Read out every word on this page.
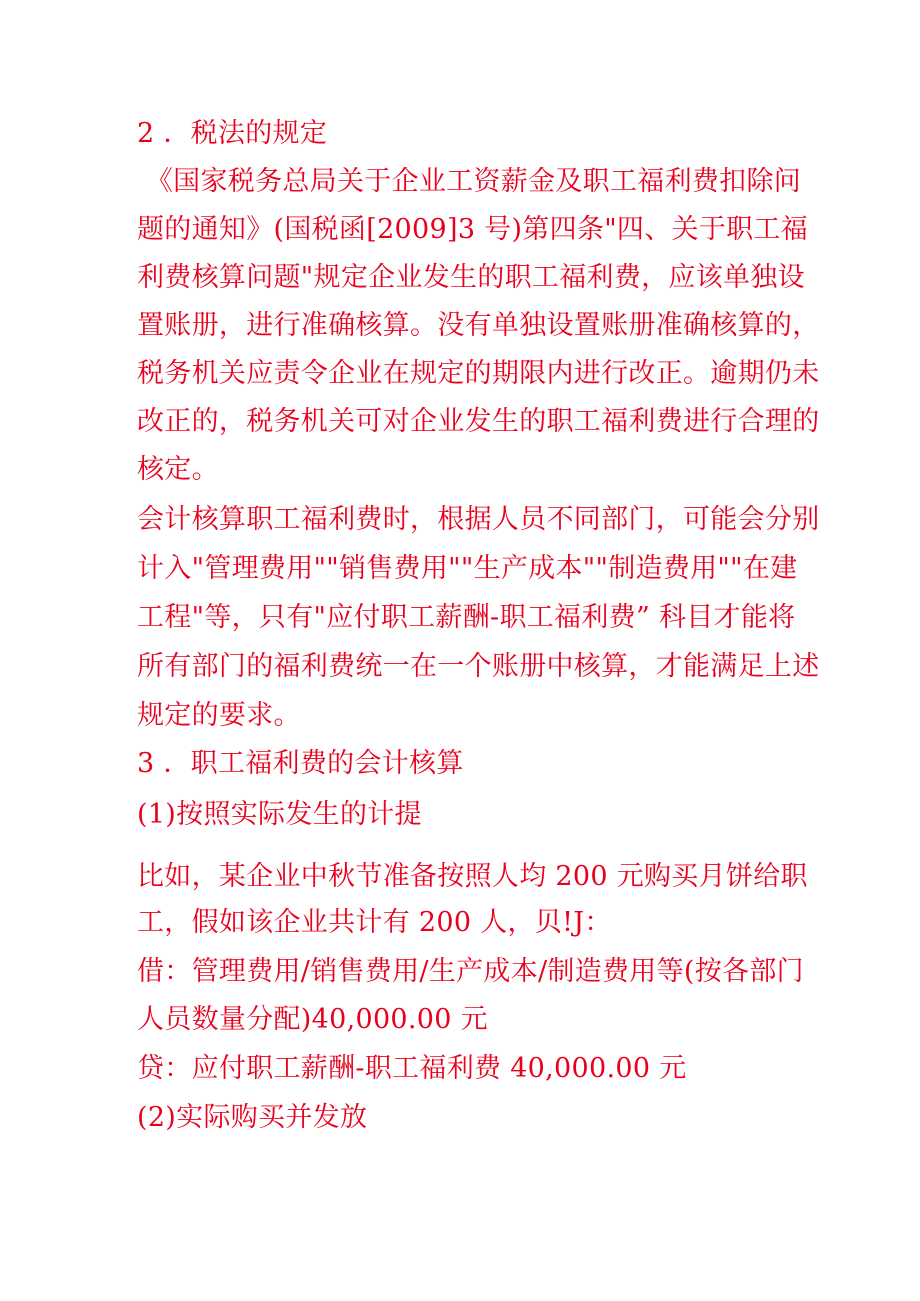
2 ．税法的规定
《国家税务总局关于企业工资薪金及职工福利费扣除问
题的通知》(国税函[2009]3 号)第四条"四、关于职工福
利费核算问题"规定企业发生的职工福利费，应该单独设
置账册，进行准确核算。没有单独设置账册准确核算的，
税务机关应责令企业在规定的期限内进行改正。逾期仍未
改正的，税务机关可对企业发生的职工福利费进行合理的
核定。
会计核算职工福利费时，根据人员不同部门，可能会分别
计入"管理费用""销售费用""生产成本""制造费用""在建
工程"等，只有"应付职工薪酬-职工福利费” 科目才能将
所有部门的福利费统一在一个账册中核算，才能满足上述
规定的要求。
3 ．职工福利费的会计核算
(1)按照实际发生的计提
比如，某企业中秋节准备按照人均 200 元购买月饼给职
工，假如该企业共计有 200 人，贝!J：
借：管理费用/销售费用/生产成本/制造费用等(按各部门
人员数量分配)40,000.00 元
贷：应付职工薪酬-职工福利费 40,000.00 元
(2)实际购买并发放
